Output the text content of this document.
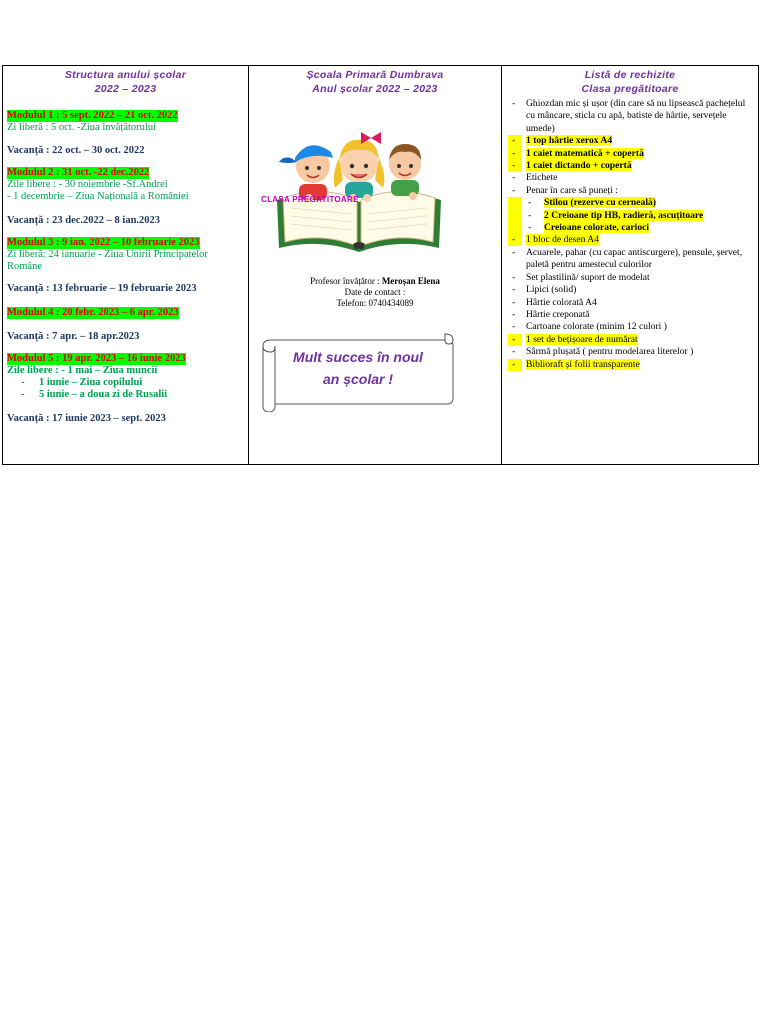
Structura anului școlar
2022 – 2023
Modulul 1 : 5 sept. 2022 – 21 oct. 2022
Zi liberă : 5 oct. -Ziua învățătorului
Vacanță : 22 oct. – 30 oct. 2022
Modulul 2 : 31 oct. -22 dec.2022
Zile libere : - 30 noiembrie -Sf.Andrei
- 1 decembrie – Ziua Națională a României
Vacanță : 23 dec.2022 – 8 ian.2023
Modulul 3 : 9 ian. 2022 – 10 februarie 2023
Zi liberă: 24 ianuarie - Ziua Unirii Principatelor Române
Vacanță : 13 februarie – 19 februarie 2023
Modulul 4 : 20 febr. 2023 – 6 apr. 2023
Vacanță : 7 apr. – 18 apr.2023
Modulul 5 : 19 apr. 2023 – 16 iunie 2023
Zile libere : - 1 mai – Ziua muncii
- 1 iunie – Ziua copilului
- 5 iunie – a doua zi de Rusalii
Vacanță : 17 iunie 2023 – sept. 2023
Școala Primară Dumbrava
Anul școlar 2022 – 2023
CLASA PREGATITOARE
Profesor învățător : Meroșan Elena
Date de contact :
Telefon: 0740434089
Mult succes în noul
an școlar !
Listă de rechizite
Clasa pregătitoare
- Ghiozdan mic și ușor (din care să nu lipsească pachețelul cu mâncare, sticla cu apă, batiste de hârtie, servețele umede)
- 1 top hârtie xerox A4
- 1 caiet matematică + copertă
- 1 caiet dictando + copertă
- Etichete
- Penar în care să puneți :
- Stilou (rezerve cu cerneală)
- 2 Creioane tip HB, radieră, ascuțitoare
- Creioane colorate, carioci
- 1 bloc de desen A4
- Acuarele, pahar (cu capac antiscurgere), pensule, șervet, paletă pentru amestecul culorilor
- Set plastilină/ suport de modelat
- Lipici (solid)
- Hârtie colorată A4
- Hârtie creponată
- Cartoane colorate (minim 12 culori )
- 1 set de bețișoare de numărat
- Sârmă plușată ( pentru modelarea literelor )
- Biblioraft și folii transparente
